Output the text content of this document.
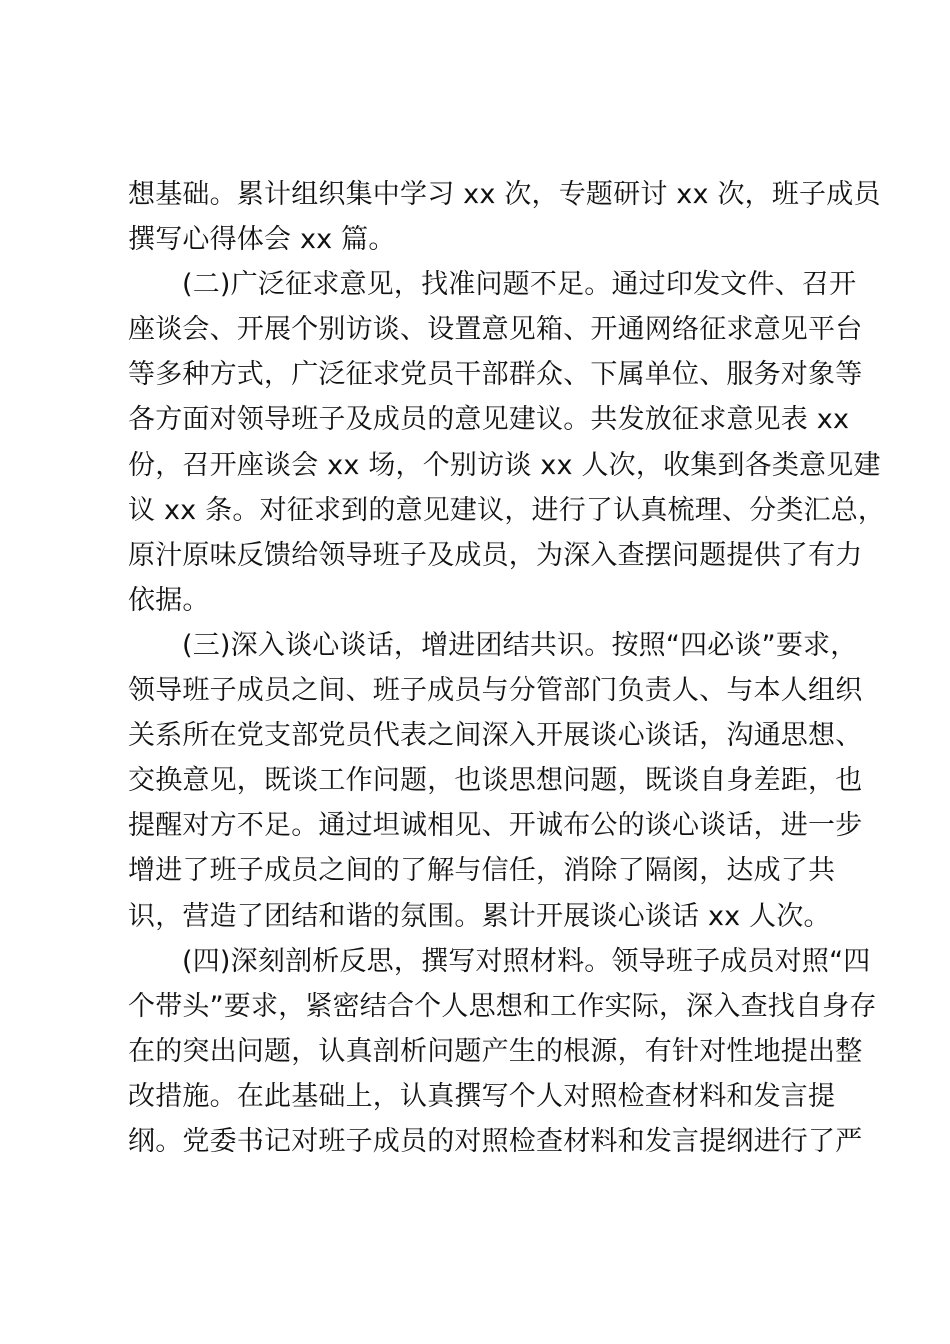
想基础。累计组织集中学习 xx 次，专题研讨 xx 次，班子成员
撰写心得体会 xx 篇。
(二)广泛征求意见，找准问题不足。通过印发文件、召开
座谈会、开展个别访谈、设置意见箱、开通网络征求意见平台
等多种方式，广泛征求党员干部群众、下属单位、服务对象等
各方面对领导班子及成员的意见建议。共发放征求意见表 xx
份，召开座谈会 xx 场，个别访谈 xx 人次，收集到各类意见建
议 xx 条。对征求到的意见建议，进行了认真梳理、分类汇总，
原汁原味反馈给领导班子及成员，为深入查摆问题提供了有力
依据。
(三)深入谈心谈话，增进团结共识。按照“四必谈”要求，
领导班子成员之间、班子成员与分管部门负责人、与本人组织
关系所在党支部党员代表之间深入开展谈心谈话，沟通思想、
交换意见，既谈工作问题，也谈思想问题，既谈自身差距，也
提醒对方不足。通过坦诚相见、开诚布公的谈心谈话，进一步
增进了班子成员之间的了解与信任，消除了隔阂，达成了共
识，营造了团结和谐的氛围。累计开展谈心谈话 xx 人次。
(四)深刻剖析反思，撰写对照材料。领导班子成员对照“四
个带头”要求，紧密结合个人思想和工作实际，深入查找自身存
在的突出问题，认真剖析问题产生的根源，有针对性地提出整
改措施。在此基础上，认真撰写个人对照检查材料和发言提
纲。党委书记对班子成员的对照检查材料和发言提纲进行了严
